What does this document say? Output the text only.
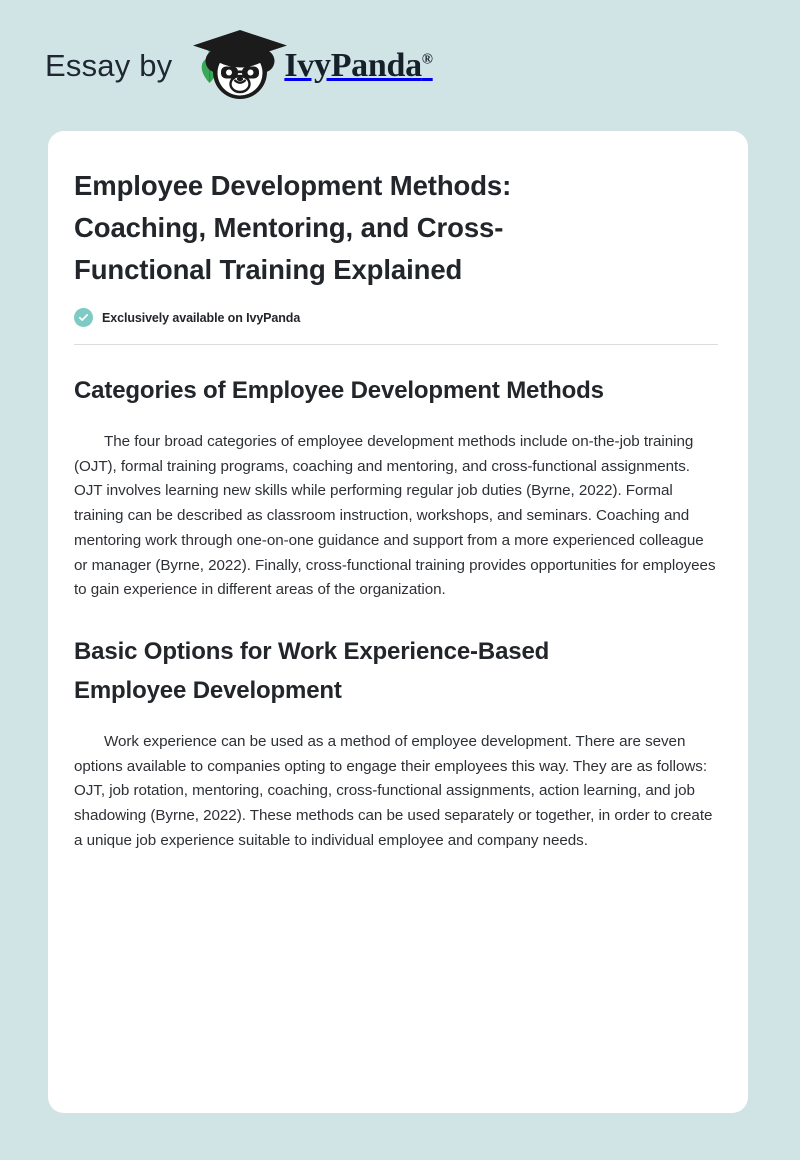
Essay by	IvyPanda®
Employee Development Methods: Coaching, Mentoring, and Cross-Functional Training Explained
Exclusively available on IvyPanda
Categories of Employee Development Methods

The four broad categories of employee development methods include on-the-job training (OJT), formal training programs, coaching and mentoring, and cross-functional assignments. OJT involves learning new skills while performing regular job duties (Byrne, 2022). Formal training can be described as classroom instruction, workshops, and seminars. Coaching and mentoring work through one-on-one guidance and support from a more experienced colleague or manager (Byrne, 2022). Finally, cross-functional training provides opportunities for employees to gain experience in different areas of the organization.

Basic Options for Work Experience-Based Employee Development

Work experience can be used as a method of employee development. There are seven options available to companies opting to engage their employees this way. They are as follows: OJT, job rotation, mentoring, coaching, cross-functional assignments, action learning, and job shadowing (Byrne, 2022). These methods can be used separately or together, in order to create a unique job experience suitable to individual employee and company needs.
